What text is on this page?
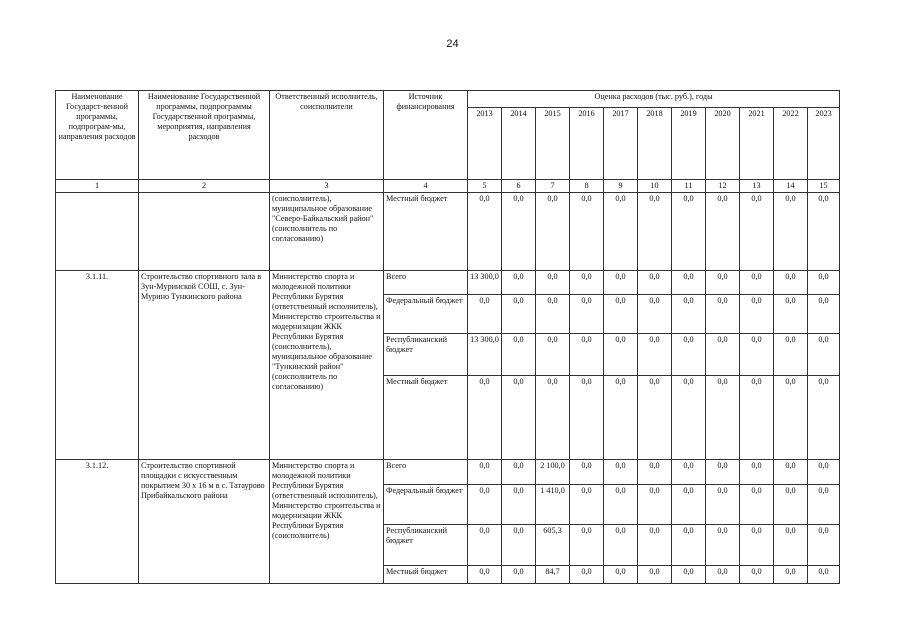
24
Наименование Государст-венной программы, подпрограм-мы, направления расходов	Наименование Государственной программы, подпрограммы Государственной программы, мероприятия, направления расходов	Ответственный исполнитель, соисполнители	Источник финансирования	Оценка расходов (тыс. руб.), годы										
				2013	2014	2015	2016	2017	2018	2019	2020	2021	2022	2023
1	2	3	4	5	6	7	8	9	10	11	12	13	14	15
		(соисполнитель), муниципальное образование "Северо-Байкальский район" (соисполнитель по согласованию)	Местный бюджет	0,0	0,0	0,0	0,0	0,0	0,0	0,0	0,0	0,0	0,0	0,0
3.1.11.	Строительство спортивного зала в Зун-Муринской СОШ, с. Зун-Мурино Тункинского района	Министерство спорта и молодежной политики Республики Бурятия (ответственный исполнитель), Министерство строительства и модернизации ЖКК Республики Бурятия (соисполнитель), муниципальное образование "Тункинский район" (соисполнитель по согласованию)	Всего	13 300,0	0,0	0,0	0,0	0,0	0,0	0,0	0,0	0,0	0,0	0,0
			Федеральный бюджет	0,0	0,0	0,0	0,0	0,0	0,0	0,0	0,0	0,0	0,0	0,0
			Республиканский бюджет	13 300,0	0,0	0,0	0,0	0,0	0,0	0,0	0,0	0,0	0,0	0,0
			Местный бюджет	0,0	0,0	0,0	0,0	0,0	0,0	0,0	0,0	0,0	0,0	0,0
3.1.12.	Строительство спортивной площадки с искусственным покрытием 30 х 16 м в с. Татаурово Прибайкальского района	Министерство спорта и молодежной политики Республики Бурятия (ответственный исполнитель), Министерство строительства и модернизации ЖКК Республики Бурятия (соисполнитель)	Всего	0,0	0,0	2 100,0	0,0	0,0	0,0	0,0	0,0	0,0	0,0	0,0
			Федеральный бюджет	0,0	0,0	1 410,0	0,0	0,0	0,0	0,0	0,0	0,0	0,0	0,0
			Республиканский бюджет	0,0	0,0	605,3	0,0	0,0	0,0	0,0	0,0	0,0	0,0	0,0
			Местный бюджет	0,0	0,0	84,7	0,0	0,0	0,0	0,0	0,0	0,0	0,0	0,0
